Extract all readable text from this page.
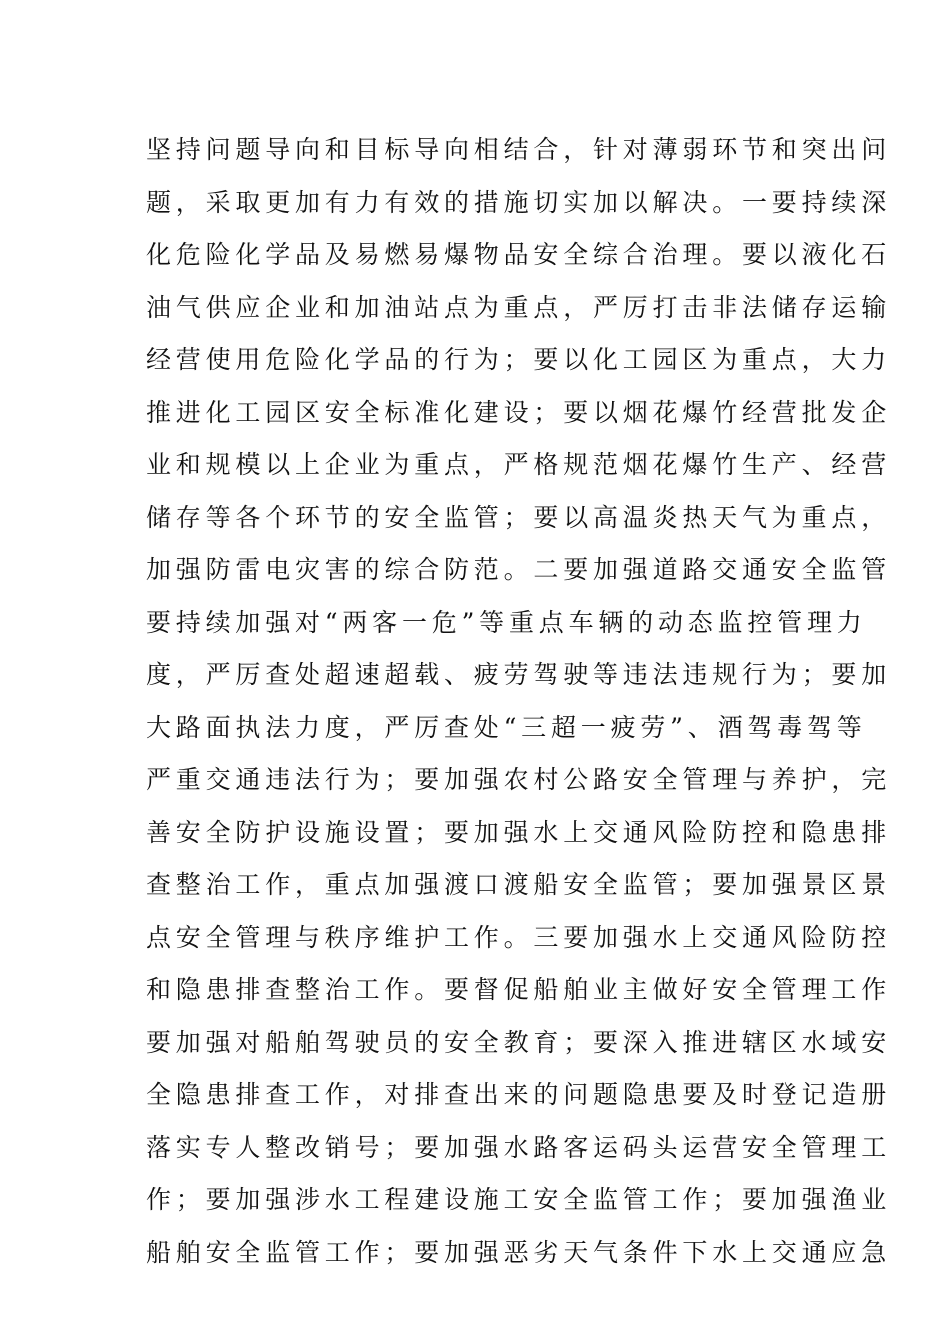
坚持问题导向和目标导向相结合，针对薄弱环节和突出问
题，采取更加有力有效的措施切实加以解决。一要持续深
化危险化学品及易燃易爆物品安全综合治理。要以液化石
油气供应企业和加油站点为重点，严厉打击非法储存运输
经营使用危险化学品的行为；要以化工园区为重点，大力
推进化工园区安全标准化建设；要以烟花爆竹经营批发企
业和规模以上企业为重点，严格规范烟花爆竹生产、经营
储存等各个环节的安全监管；要以高温炎热天气为重点，
加强防雷电灾害的综合防范。二要加强道路交通安全监管
要持续加强对“两客一危”等重点车辆的动态监控管理力
度，严厉查处超速超载、疲劳驾驶等违法违规行为；要加
大路面执法力度，严厉查处“三超一疲劳”、酒驾毒驾等
严重交通违法行为；要加强农村公路安全管理与养护，完
善安全防护设施设置；要加强水上交通风险防控和隐患排
查整治工作，重点加强渡口渡船安全监管；要加强景区景
点安全管理与秩序维护工作。三要加强水上交通风险防控
和隐患排查整治工作。要督促船舶业主做好安全管理工作
要加强对船舶驾驶员的安全教育；要深入推进辖区水域安
全隐患排查工作，对排查出来的问题隐患要及时登记造册
落实专人整改销号；要加强水路客运码头运营安全管理工
作；要加强涉水工程建设施工安全监管工作；要加强渔业
船舶安全监管工作；要加强恶劣天气条件下水上交通应急
